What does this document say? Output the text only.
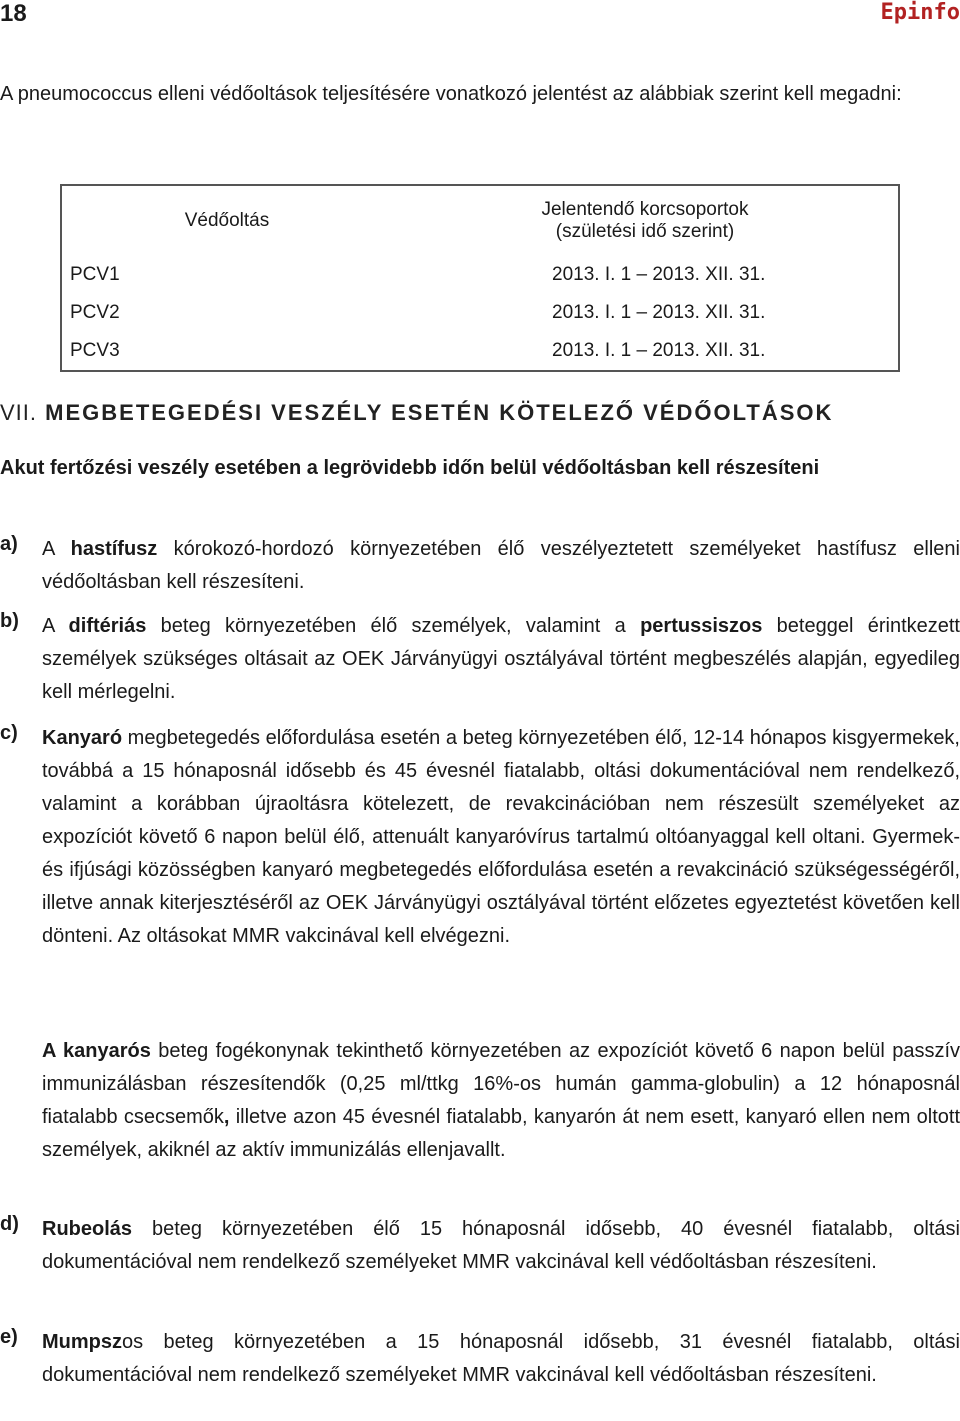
18	Epinfo
A pneumococcus elleni védőoltások teljesítésére vonatkozó jelentést az alábbiak szerint kell megadni:
Védőoltás	Jelentendő korcsoportok
(születési idő szerint)

PCV1	2013. I. 1 – 2013. XII. 31.
PCV2	2013. I. 1 – 2013. XII. 31.
PCV3	2013. I. 1 – 2013. XII. 31.
VII. MEGBETEGEDÉSI VESZÉLY ESETÉN KÖTELEZŐ VÉDŐOLTÁSOK
Akut fertőzési veszély esetében a legrövidebb időn belül védőoltásban kell részesíteni
a) A hastífusz kórokozó-hordozó környezetében élő veszélyeztetett személyeket hastífusz elleni védőoltásban kell részesíteni.
b) A diftériás beteg környezetében élő személyek, valamint a pertussiszos beteggel érintkezett személyek szükséges oltásait az OEK Járványügyi osztályával történt megbeszélés alapján, egyedileg kell mérlegelni.
c) Kanyaró megbetegedés előfordulása esetén a beteg környezetében élő, 12-14 hónapos kisgyermekek, továbbá a 15 hónaposnál idősebb és 45 évesnél fiatalabb, oltási dokumentációval nem rendelkező, valamint a korábban újraoltásra kötelezett, de revakcinációban nem részesült személyeket az expozíciót követő 6 napon belül élő, attenuált kanyaróvírus tartalmú oltóanyaggal kell oltani. Gyermek- és ifjúsági közösségben kanyaró megbetegedés előfordulása esetén a revakcináció szükségességéről, illetve annak kiterjesztéséről az OEK Járványügyi osztályával történt előzetes egyeztetést követően kell dönteni. Az oltásokat MMR vakcinával kell elvégezni.
A kanyarós beteg fogékonynak tekinthető környezetében az expozíciót követő 6 napon belül passzív immunizálásban részesítendők (0,25 ml/ttkg 16%-os humán gamma-globulin) a 12 hónaposnál fiatalabb csecsemők, illetve azon 45 évesnél fiatalabb, kanyarón át nem esett, kanyaró ellen nem oltott személyek, akiknél az aktív immunizálás ellenjavallt.
d) Rubeolás beteg környezetében élő 15 hónaposnál idősebb, 40 évesnél fiatalabb, oltási dokumentációval nem rendelkező személyeket MMR vakcinával kell védőoltásban részesíteni.
e) Mumpszos beteg környezetében a 15 hónaposnál idősebb, 31 évesnél fiatalabb, oltási dokumentációval nem rendelkező személyeket MMR vakcinával kell védőoltásban részesíteni.
